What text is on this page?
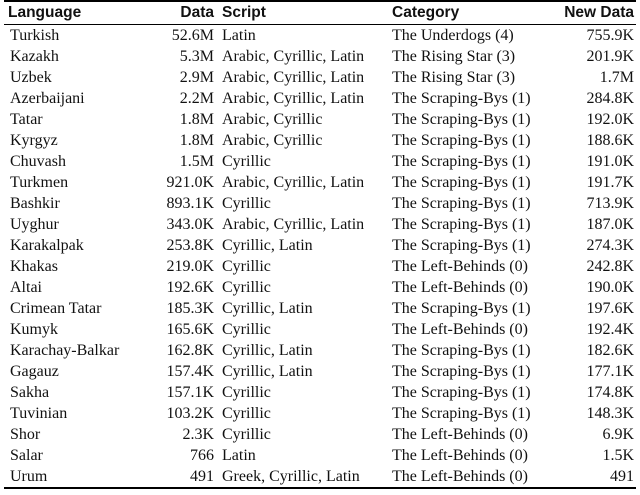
Language	Data	Script	Category	New Data
Turkish	52.6M	Latin	The Underdogs (4)	755.9K
Kazakh	5.3M	Arabic, Cyrillic, Latin	The Rising Star (3)	201.9K
Uzbek	2.9M	Arabic, Cyrillic, Latin	The Rising Star (3)	1.7M
Azerbaijani	2.2M	Arabic, Cyrillic, Latin	The Scraping-Bys (1)	284.8K
Tatar	1.8M	Arabic, Cyrillic	The Scraping-Bys (1)	192.0K
Kyrgyz	1.8M	Arabic, Cyrillic	The Scraping-Bys (1)	188.6K
Chuvash	1.5M	Cyrillic	The Scraping-Bys (1)	191.0K
Turkmen	921.0K	Arabic, Cyrillic, Latin	The Scraping-Bys (1)	191.7K
Bashkir	893.1K	Cyrillic	The Scraping-Bys (1)	713.9K
Uyghur	343.0K	Arabic, Cyrillic, Latin	The Scraping-Bys (1)	187.0K
Karakalpak	253.8K	Cyrillic, Latin	The Scraping-Bys (1)	274.3K
Khakas	219.0K	Cyrillic	The Left-Behinds (0)	242.8K
Altai	192.6K	Cyrillic	The Left-Behinds (0)	190.0K
Crimean Tatar	185.3K	Cyrillic, Latin	The Scraping-Bys (1)	197.6K
Kumyk	165.6K	Cyrillic	The Left-Behinds (0)	192.4K
Karachay-Balkar	162.8K	Cyrillic, Latin	The Scraping-Bys (1)	182.6K
Gagauz	157.4K	Cyrillic, Latin	The Scraping-Bys (1)	177.1K
Sakha	157.1K	Cyrillic	The Scraping-Bys (1)	174.8K
Tuvinian	103.2K	Cyrillic	The Scraping-Bys (1)	148.3K
Shor	2.3K	Cyrillic	The Left-Behinds (0)	6.9K
Salar	766	Latin	The Left-Behinds (0)	1.5K
Urum	491	Greek, Cyrillic, Latin	The Left-Behinds (0)	491
